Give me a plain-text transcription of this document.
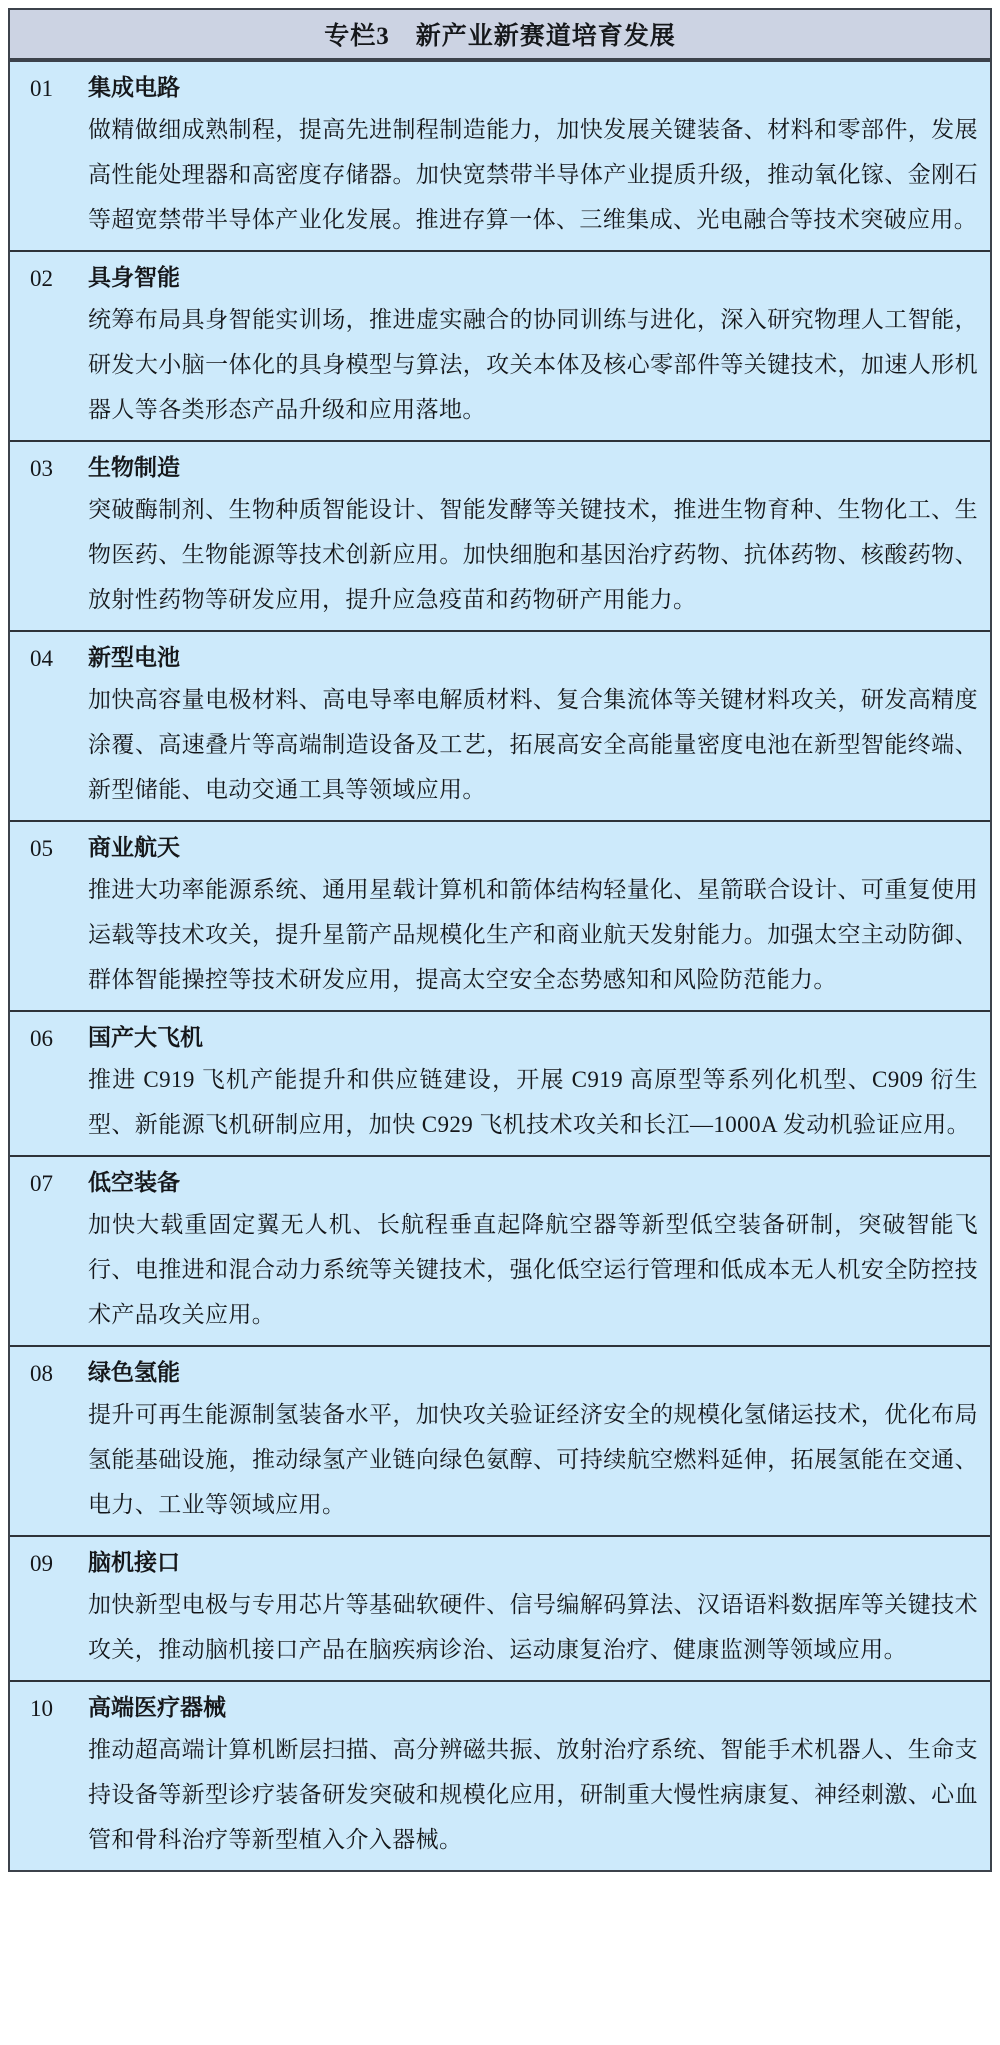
专栏3　新产业新赛道培育发展
01	集成电路
做精做细成熟制程，提高先进制程制造能力，加快发展关键装备、材料和零部件，发展高性能处理器和高密度存储器。加快宽禁带半导体产业提质升级，推动氧化镓、金刚石等超宽禁带半导体产业化发展。推进存算一体、三维集成、光电融合等技术突破应用。
02	具身智能
统筹布局具身智能实训场，推进虚实融合的协同训练与进化，深入研究物理人工智能，研发大小脑一体化的具身模型与算法，攻关本体及核心零部件等关键技术，加速人形机器人等各类形态产品升级和应用落地。
03	生物制造
突破酶制剂、生物种质智能设计、智能发酵等关键技术，推进生物育种、生物化工、生物医药、生物能源等技术创新应用。加快细胞和基因治疗药物、抗体药物、核酸药物、放射性药物等研发应用，提升应急疫苗和药物研产用能力。
04	新型电池
加快高容量电极材料、高电导率电解质材料、复合集流体等关键材料攻关，研发高精度涂覆、高速叠片等高端制造设备及工艺，拓展高安全高能量密度电池在新型智能终端、新型储能、电动交通工具等领域应用。
05	商业航天
推进大功率能源系统、通用星载计算机和箭体结构轻量化、星箭联合设计、可重复使用运载等技术攻关，提升星箭产品规模化生产和商业航天发射能力。加强太空主动防御、群体智能操控等技术研发应用，提高太空安全态势感知和风险防范能力。
06	国产大飞机
推进 C919 飞机产能提升和供应链建设，开展 C919 高原型等系列化机型、C909 衍生型、新能源飞机研制应用，加快 C929 飞机技术攻关和长江—1000A 发动机验证应用。
07	低空装备
加快大载重固定翼无人机、长航程垂直起降航空器等新型低空装备研制，突破智能飞行、电推进和混合动力系统等关键技术，强化低空运行管理和低成本无人机安全防控技术产品攻关应用。
08	绿色氢能
提升可再生能源制氢装备水平，加快攻关验证经济安全的规模化氢储运技术，优化布局氢能基础设施，推动绿氢产业链向绿色氨醇、可持续航空燃料延伸，拓展氢能在交通、电力、工业等领域应用。
09	脑机接口
加快新型电极与专用芯片等基础软硬件、信号编解码算法、汉语语料数据库等关键技术攻关，推动脑机接口产品在脑疾病诊治、运动康复治疗、健康监测等领域应用。
10	高端医疗器械
推动超高端计算机断层扫描、高分辨磁共振、放射治疗系统、智能手术机器人、生命支持设备等新型诊疗装备研发突破和规模化应用，研制重大慢性病康复、神经刺激、心血管和骨科治疗等新型植入介入器械。
